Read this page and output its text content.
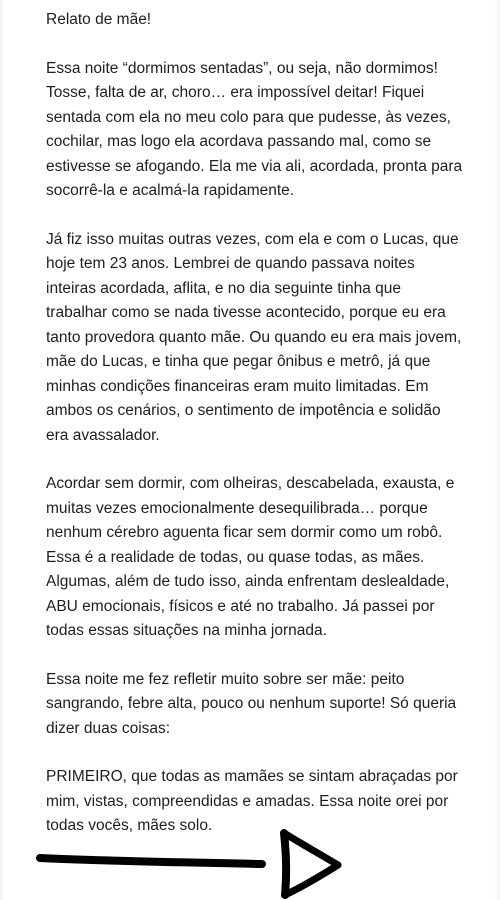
Relato de mãe!

Essa noite “dormimos sentadas”, ou seja, não dormimos! Tosse, falta de ar, choro… era impossível deitar! Fiquei sentada com ela no meu colo para que pudesse, às vezes, cochilar, mas logo ela acordava passando mal, como se estivesse se afogando. Ela me via ali, acordada, pronta para socorrê-la e acalmá-la rapidamente.

Já fiz isso muitas outras vezes, com ela e com o Lucas, que hoje tem 23 anos. Lembrei de quando passava noites inteiras acordada, aflita, e no dia seguinte tinha que trabalhar como se nada tivesse acontecido, porque eu era tanto provedora quanto mãe. Ou quando eu era mais jovem, mãe do Lucas, e tinha que pegar ônibus e metrô, já que minhas condições financeiras eram muito limitadas. Em ambos os cenários, o sentimento de impotência e solidão era avassalador.

Acordar sem dormir, com olheiras, descabelada, exausta, e muitas vezes emocionalmente desequilibrada… porque nenhum cérebro aguenta ficar sem dormir como um robô. Essa é a realidade de todas, ou quase todas, as mães. Algumas, além de tudo isso, ainda enfrentam deslealdade, ABU emocionais, físicos e até no trabalho. Já passei por todas essas situações na minha jornada.

Essa noite me fez refletir muito sobre ser mãe: peito sangrando, febre alta, pouco ou nenhum suporte! Só queria dizer duas coisas:

PRIMEIRO, que todas as mamães se sintam abraçadas por mim, vistas, compreendidas e amadas. Essa noite orei por todas vocês, mães solo.
